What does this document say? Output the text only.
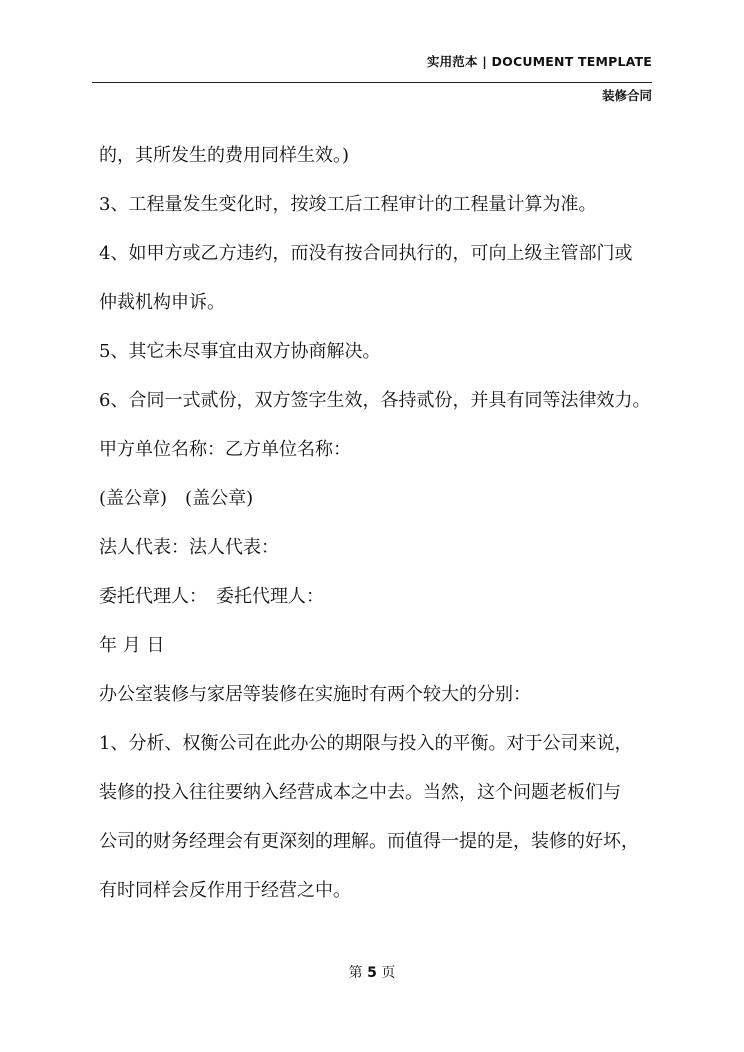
实用范本 | DOCUMENT TEMPLATE
装修合同
的，其所发生的费用同样生效。)
3、工程量发生变化时，按竣工后工程审计的工程量计算为准。
4、如甲方或乙方违约，而没有按合同执行的，可向上级主管部门或
仲裁机构申诉。
5、其它未尽事宜由双方协商解决。
6、合同一式贰份，双方签字生效，各持贰份，并具有同等法律效力。
甲方单位名称：乙方单位名称：
(盖公章)　(盖公章)
法人代表：法人代表：
委托代理人：　委托代理人：
年 月 日
办公室装修与家居等装修在实施时有两个较大的分别：
1、分析、权衡公司在此办公的期限与投入的平衡。对于公司来说，
装修的投入往往要纳入经营成本之中去。当然，这个问题老板们与
公司的财务经理会有更深刻的理解。而值得一提的是，装修的好坏，
有时同样会反作用于经营之中。
第 5 页
